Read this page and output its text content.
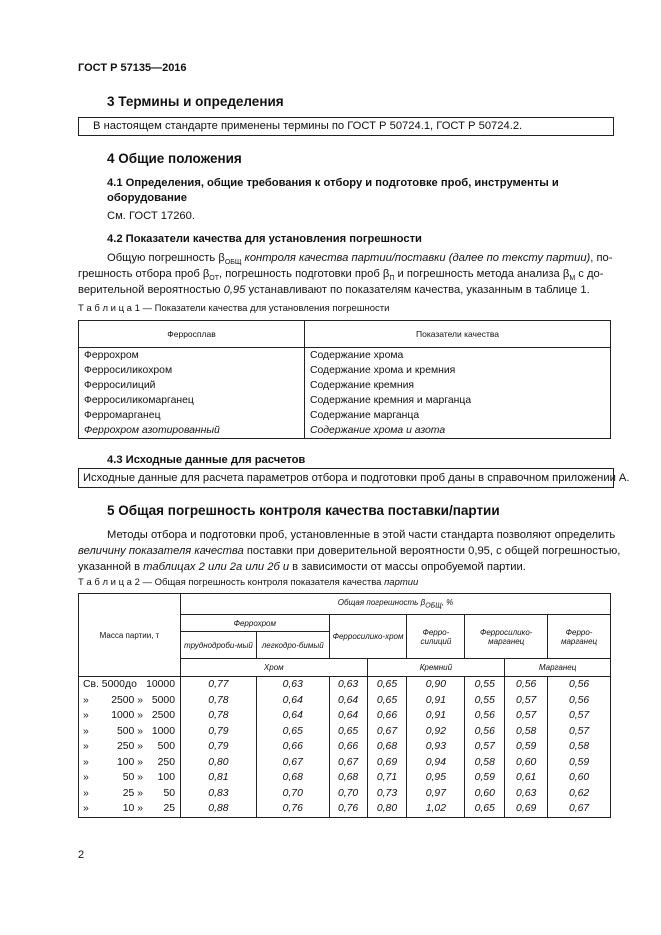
ГОСТ Р 57135—2016
3 Термины и определения
В настоящем стандарте применены термины по ГОСТ Р 50724.1, ГОСТ Р 50724.2.
4 Общие положения
4.1 Определения, общие требования к отбору и подготовке проб, инструменты и
оборудование
См. ГОСТ 17260.
4.2 Показатели качества для установления погрешности
Общую погрешность $\beta_{ОБЩ}$ контроля качества партии/поставки (далее по тексту партии), по-
грешность отбора проб $\beta_{ОТ}$, погрешность подготовки проб $\beta_П$ и погрешность метода анализа $\beta_М$ с до-
верительной вероятностью 0,95 устанавливают по показателям качества, указанным в таблице 1.
Т а б л и ц а 1 — Показатели качества для установления погрешности
Ферросплав	Показатели качества
Феррохром	Содержание хрома
Ферросиликохром	Содержание хрома и кремния
Ферросилиций	Содержание кремния
Ферросиликомарганец	Содержание кремния и марганца
Ферромарганец	Содержание марганца
Феррохром азотированный	Содержание хрома и азота
4.3 Исходные данные для расчетов
Исходные данные для расчета параметров отбора и подготовки проб даны в справочном приложении А.
5 Общая погрешность контроля качества поставки/партии
Методы отбора и подготовки проб, установленные в этой части стандарта позволяют определить
величину показателя качества поставки при доверительной вероятности 0,95, с общей погрешностью,
указанной в таблицах 2 или 2а или 2б и в зависимости от массы опробуемой партии.
Т а б л и ц а 2 — Общая погрешность контроля показателя качества партии
Масса партии, т	Общая погрешность $\beta_{ОБЩ}$, %							
	Феррохром		Ферросилико-хром		Ферро-силиций	Ферросилико-марганец		Ферро-марганец
	труднодроби-мый	легкодро-бимый						
	Хром			Кремний			Марганец	
Св. 5000до 10000	0,77	0,63	0,63	0,65	0,90	0,55	0,56	0,56
» 2500 » 5000	0,78	0,64	0,64	0,65	0,91	0,55	0,57	0,56
» 1000 » 2500	0,78	0,64	0,64	0,66	0,91	0,56	0,57	0,57
» 500 » 1000	0,79	0,65	0,65	0,67	0,92	0,56	0,58	0,57
» 250 » 500	0,79	0,66	0,66	0,68	0,93	0,57	0,59	0,58
» 100 » 250	0,80	0,67	0,67	0,69	0,94	0,58	0,60	0,59
» 50 » 100	0,81	0,68	0,68	0,71	0,95	0,59	0,61	0,60
» 25 » 50	0,83	0,70	0,70	0,73	0,97	0,60	0,63	0,62
» 10 » 25	0,88	0,76	0,76	0,80	1,02	0,65	0,69	0,67
2
